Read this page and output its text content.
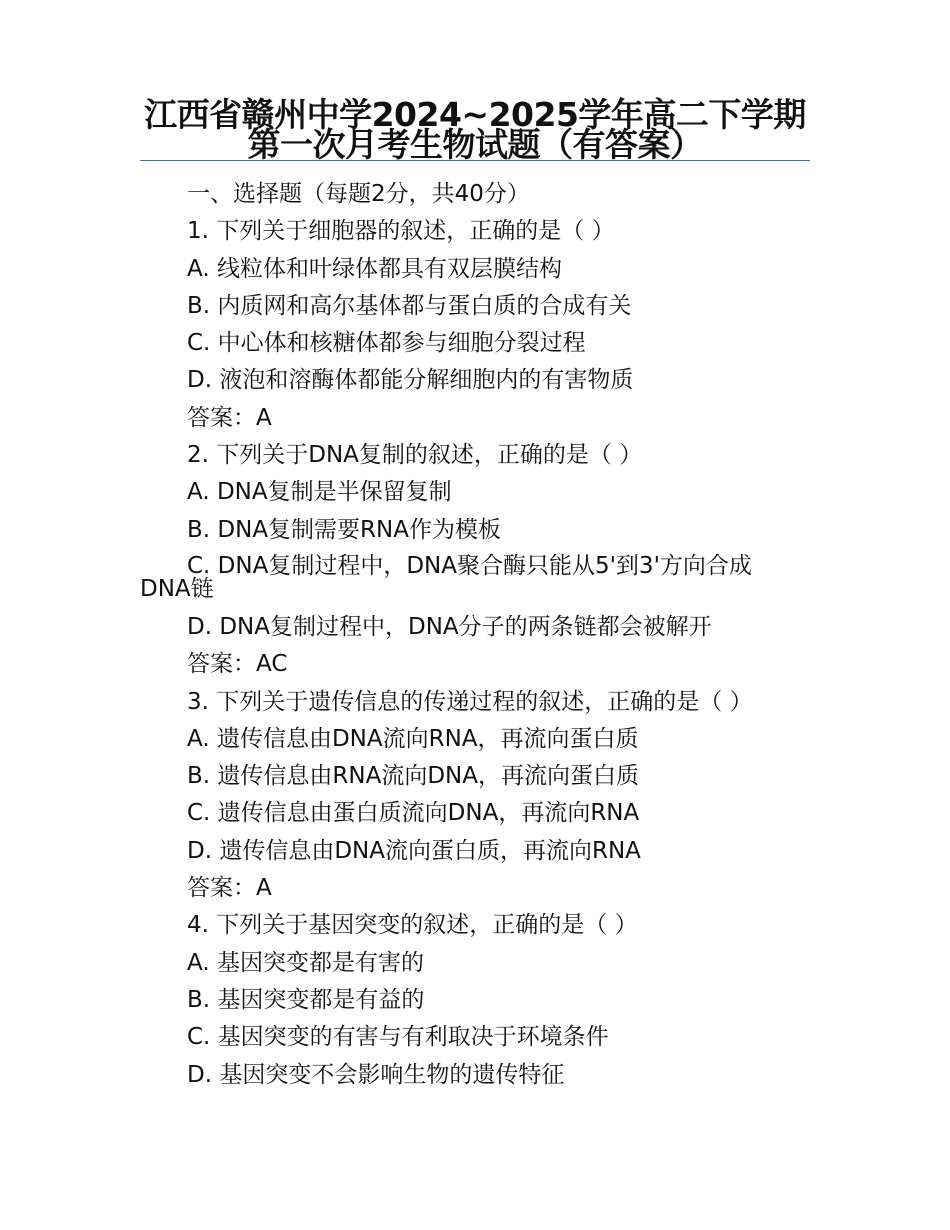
江西省赣州中学2024~2025学年高二下学期第一次月考生物试题（有答案）

一、选择题（每题2分，共40分）

1. 下列关于细胞器的叙述，正确的是（ ）

A. 线粒体和叶绿体都具有双层膜结构

B. 内质网和高尔基体都与蛋白质的合成有关

C. 中心体和核糖体都参与细胞分裂过程

D. 液泡和溶酶体都能分解细胞内的有害物质

答案：A

2. 下列关于DNA复制的叙述，正确的是（ ）

A. DNA复制是半保留复制

B. DNA复制需要RNA作为模板

C. DNA复制过程中，DNA聚合酶只能从5'到3'方向合成DNA链

D. DNA复制过程中，DNA分子的两条链都会被解开

答案：AC

3. 下列关于遗传信息的传递过程的叙述，正确的是（ ）

A. 遗传信息由DNA流向RNA，再流向蛋白质

B. 遗传信息由RNA流向DNA，再流向蛋白质

C. 遗传信息由蛋白质流向DNA，再流向RNA

D. 遗传信息由DNA流向蛋白质，再流向RNA

答案：A

4. 下列关于基因突变的叙述，正确的是（ ）

A. 基因突变都是有害的

B. 基因突变都是有益的

C. 基因突变的有害与有利取决于环境条件

D. 基因突变不会影响生物的遗传特征
